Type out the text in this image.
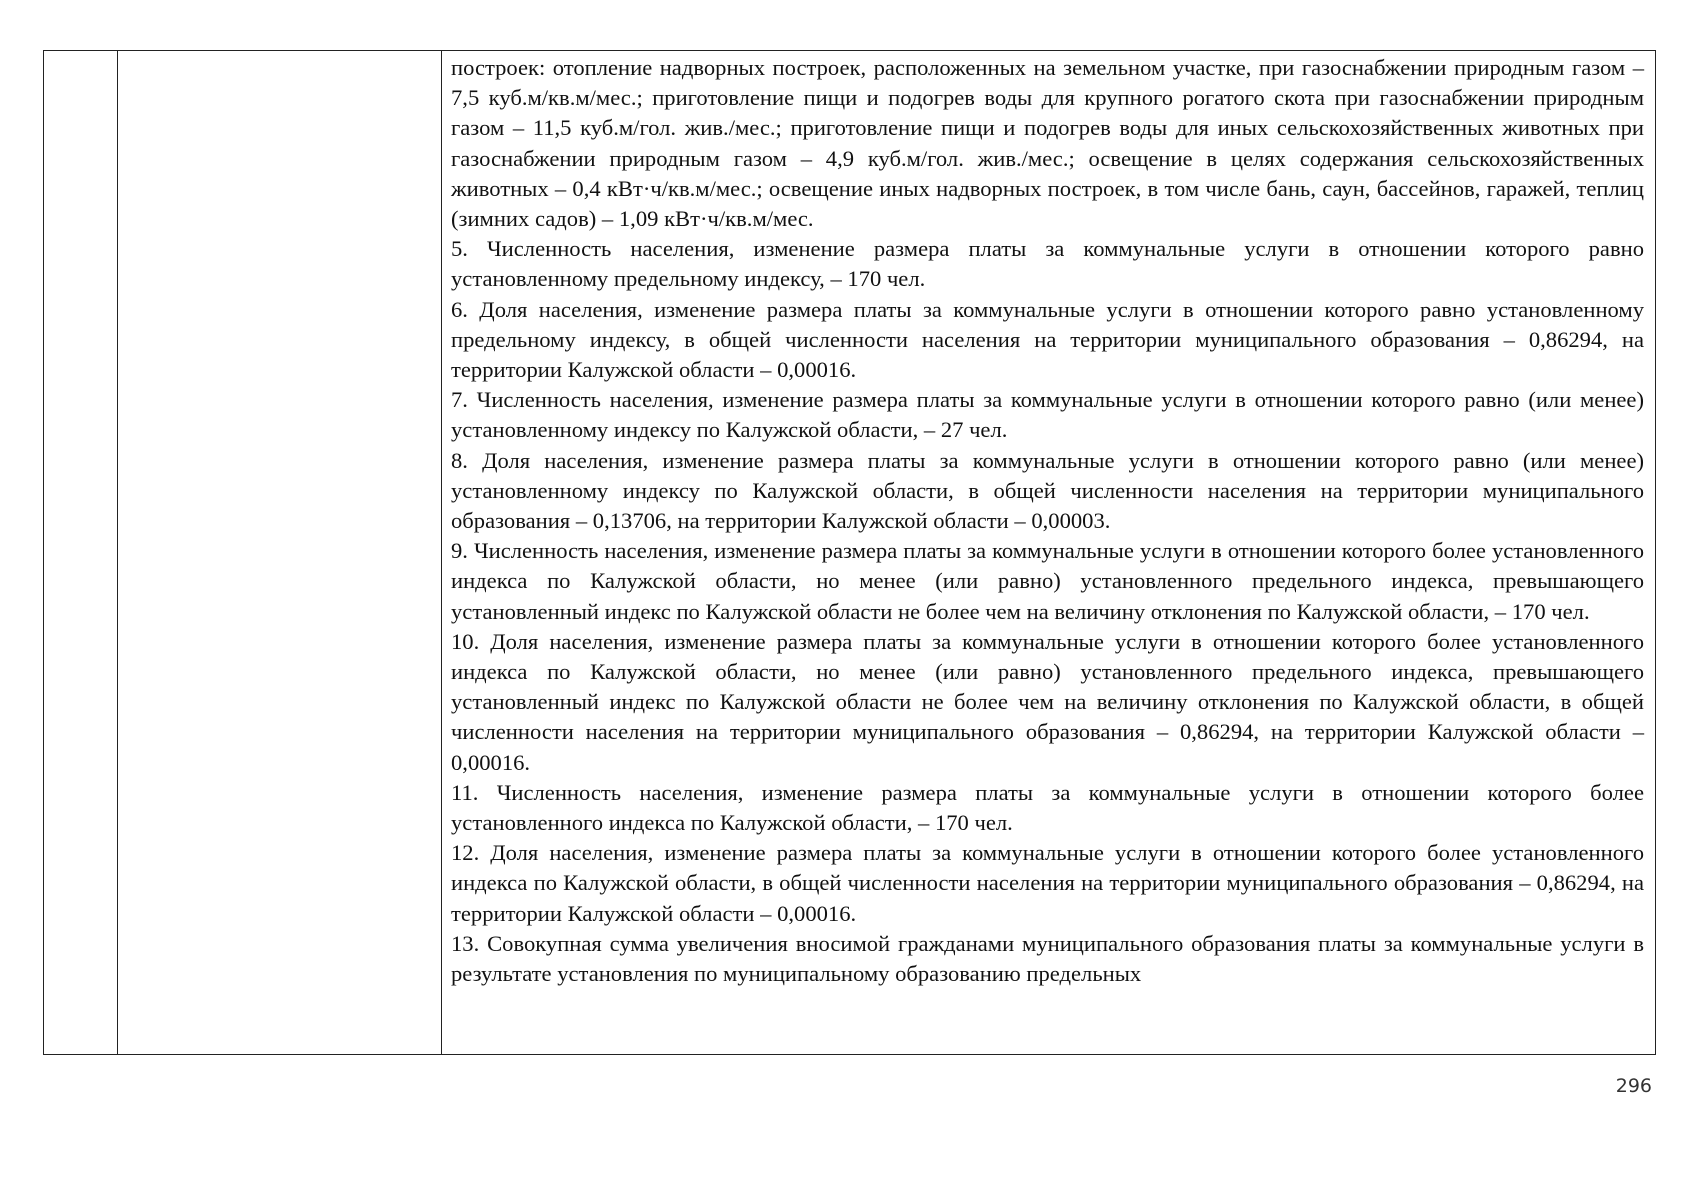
построек: отопление надворных построек, расположенных на земельном участке, при газоснабжении природным газом – 7,5 куб.м/кв.м/мес.; приготовление пищи и подогрев воды для крупного рогатого скота при газоснабжении природным газом – 11,5 куб.м/гол. жив./мес.; приготовление пищи и подогрев воды для иных сельскохозяйственных животных при газоснабжении природным газом – 4,9 куб.м/гол. жив./мес.; освещение в целях содержания сельскохозяйственных животных – 0,4 кВт·ч/кв.м/мес.; освещение иных надворных построек, в том числе бань, саун, бассейнов, гаражей, теплиц (зимних садов) – 1,09 кВт·ч/кв.м/мес.

5. Численность населения, изменение размера платы за коммунальные услуги в отношении которого равно установленному предельному индексу, – 170 чел.

6. Доля населения, изменение размера платы за коммунальные услуги в отношении которого равно установленному предельному индексу, в общей численности населения на территории муниципального образования – 0,86294, на территории Калужской области – 0,00016.

7. Численность населения, изменение размера платы за коммунальные услуги в отношении которого равно (или менее) установленному индексу по Калужской области, – 27 чел.

8. Доля населения, изменение размера платы за коммунальные услуги в отношении которого равно (или менее) установленному индексу по Калужской области, в общей численности населения на территории муниципального образования – 0,13706, на территории Калужской области – 0,00003.

9. Численность населения, изменение размера платы за коммунальные услуги в отношении которого более установленного индекса по Калужской области, но менее (или равно) установленного предельного индекса, превышающего установленный индекс по Калужской области не более чем на величину отклонения по Калужской области, – 170 чел.

10. Доля населения, изменение размера платы за коммунальные услуги в отношении которого более установленного индекса по Калужской области, но менее (или равно) установленного предельного индекса, превышающего установленный индекс по Калужской области не более чем на величину отклонения по Калужской области, в общей численности населения на территории муниципального образования – 0,86294, на территории Калужской области – 0,00016.

11. Численность населения, изменение размера платы за коммунальные услуги в отношении которого более установленного индекса по Калужской области, – 170 чел.

12. Доля населения, изменение размера платы за коммунальные услуги в отношении которого более установленного индекса по Калужской области, в общей численности населения на территории муниципального образования – 0,86294, на территории Калужской области – 0,00016.

13. Совокупная сумма увеличения вносимой гражданами муниципального образования платы за коммунальные услуги в результате установления по муниципальному образованию предельных

296
